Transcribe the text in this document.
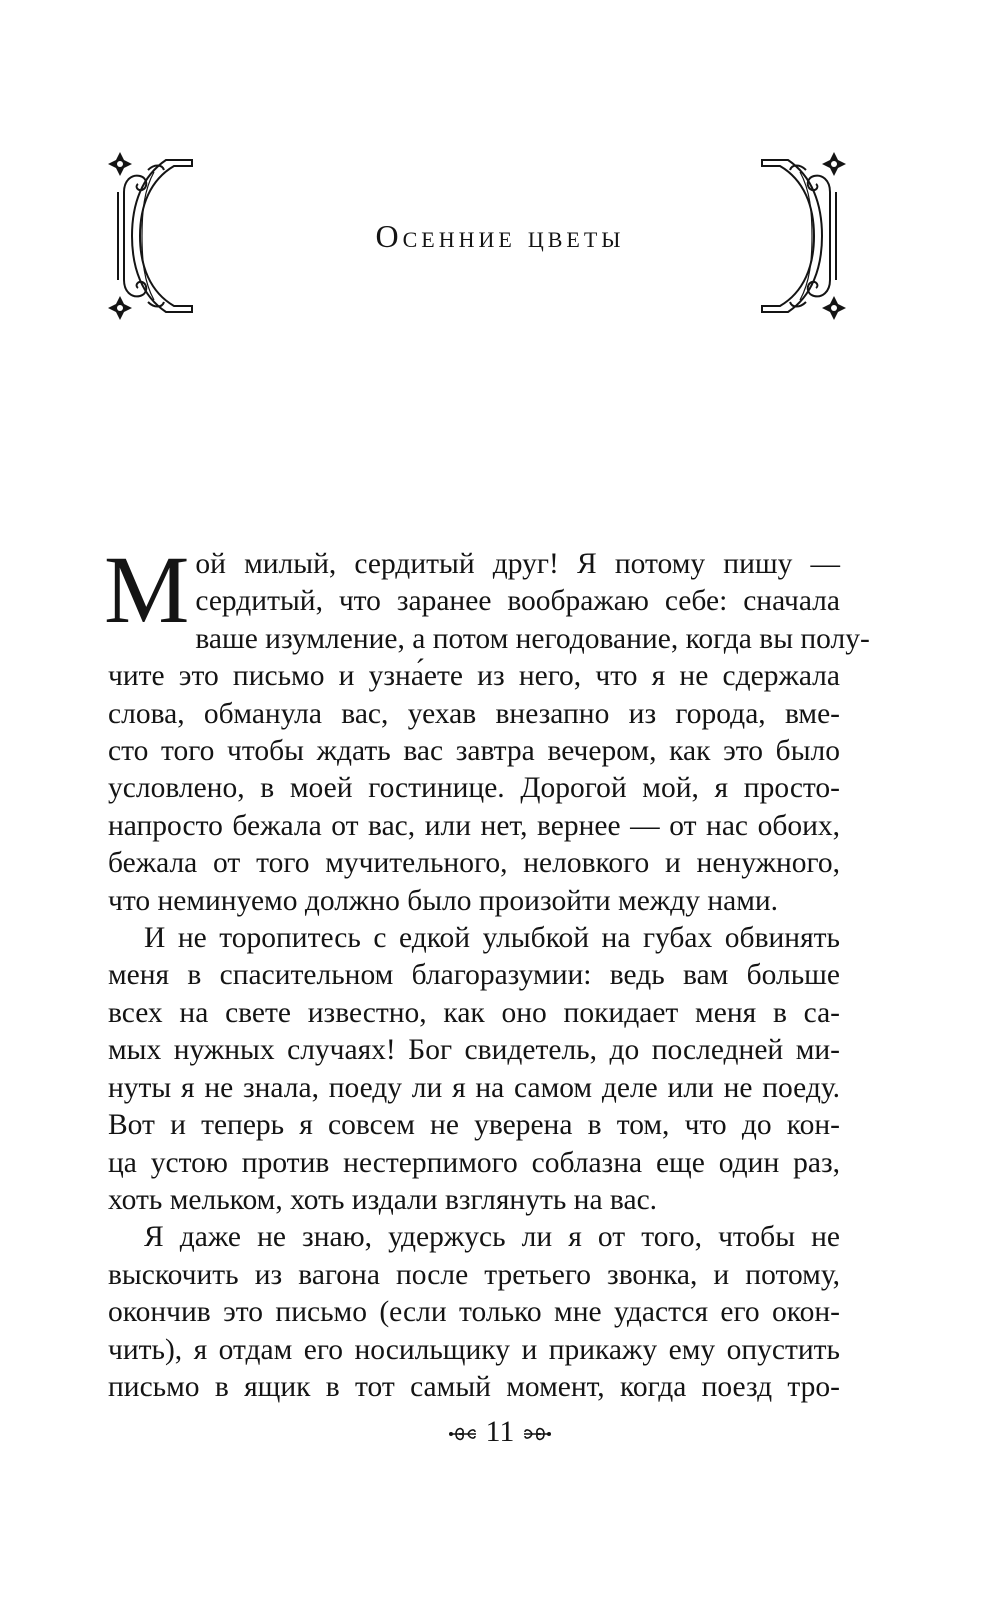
Осенние цветы

М ой милый, сердитый друг! Я потому пишу —
сердитый, что заранее воображаю себе: сначала
ваше изумление, а потом негодование, когда вы полу-
чите это письмо и узна́ете из него, что я не сдержала
слова, обманула вас, уехав внезапно из города, вме-
сто того чтобы ждать вас завтра вечером, как это было
условлено, в моей гостинице. Дорогой мой, я просто-
напросто бежала от вас, или нет, вернее — от нас обоих,
бежала от того мучительного, неловкого и ненужного,
что неминуемо должно было произойти между нами.

И не торопитесь с едкой улыбкой на губах обвинять
меня в спасительном благоразумии: ведь вам больше
всех на свете известно, как оно покидает меня в са-
мых нужных случаях! Бог свидетель, до последней ми-
нуты я не знала, поеду ли я на самом деле или не поеду.
Вот и теперь я совсем не уверена в том, что до кон-
ца устою против нестерпимого соблазна еще один раз,
хоть мельком, хоть издали взглянуть на вас.

Я даже не знаю, удержусь ли я от того, чтобы не
выскочить из вагона после третьего звонка, и потому,
окончив это письмо (если только мне удастся его окон-
чить), я отдам его носильщику и прикажу ему опустить
письмо в ящик в тот самый момент, когда поезд тро-

11
